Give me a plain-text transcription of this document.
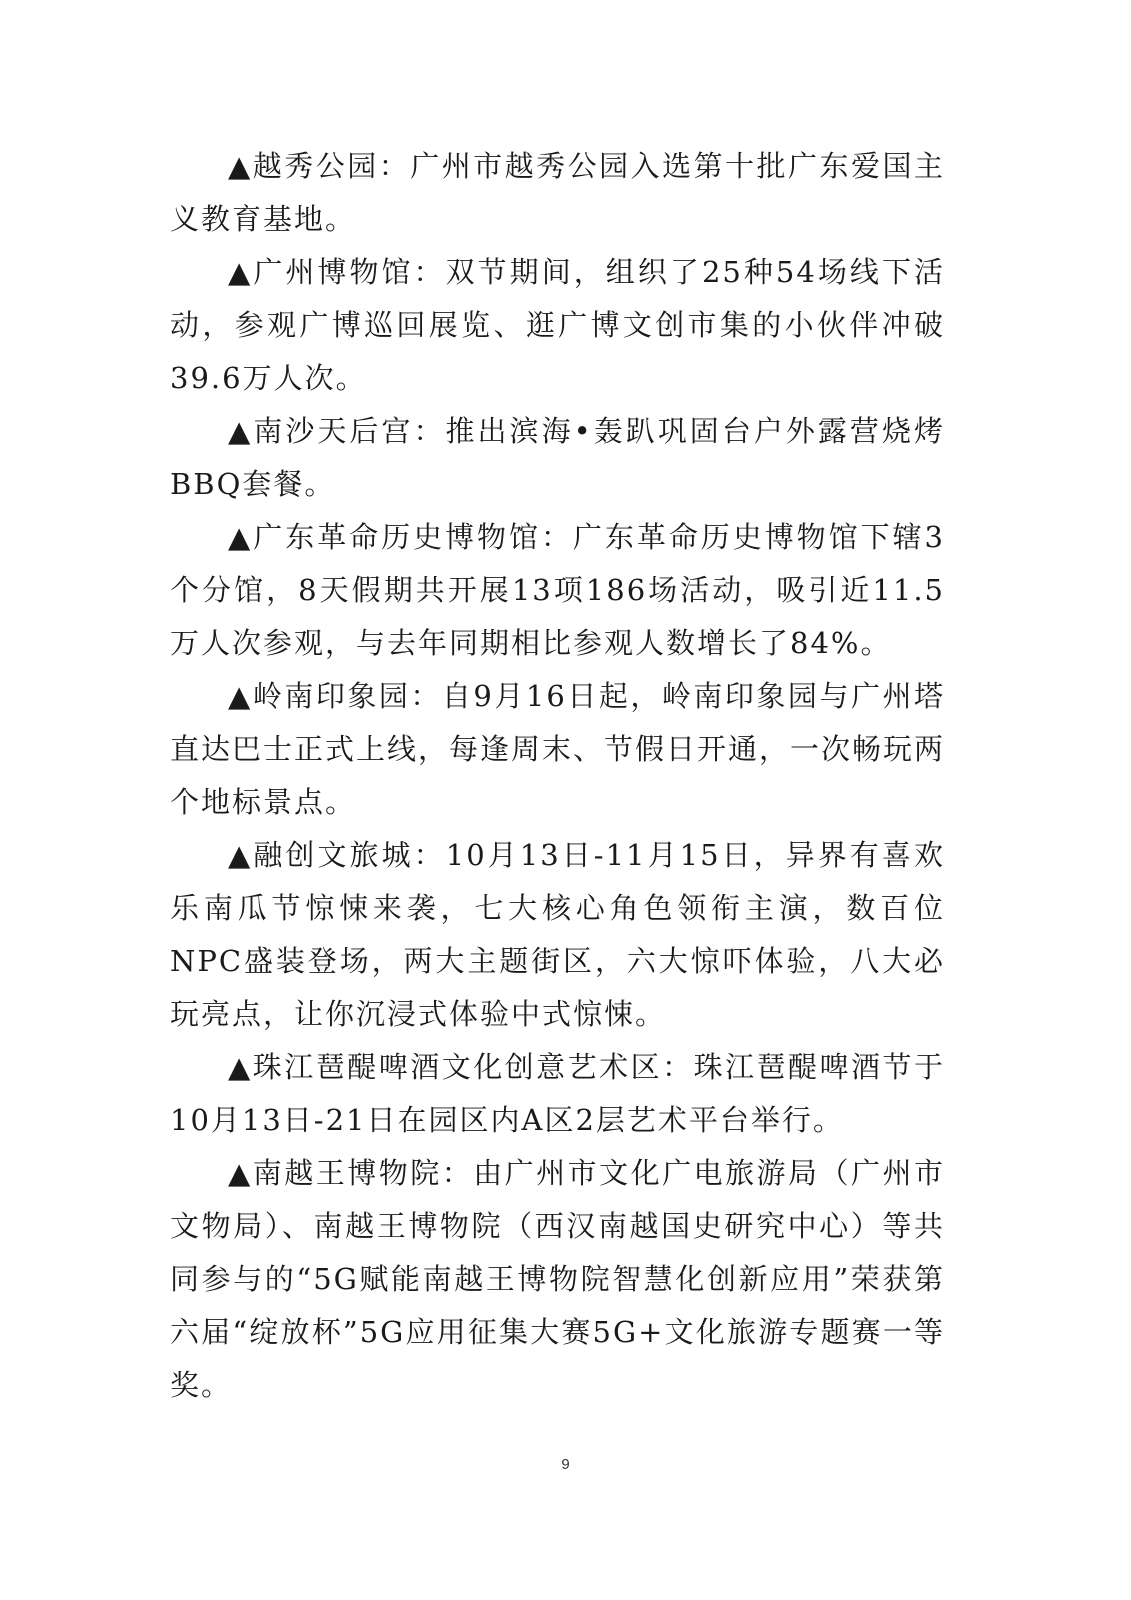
▲越秀公园：广州市越秀公园入选第十批广东爱国主义教育基地。

▲广州博物馆：双节期间，组织了25种54场线下活动，参观广博巡回展览、逛广博文创市集的小伙伴冲破39.6万人次。

▲南沙天后宫：推出滨海•轰趴巩固台户外露营烧烤BBQ套餐。

▲广东革命历史博物馆：广东革命历史博物馆下辖3个分馆，8天假期共开展13项186场活动，吸引近11.5万人次参观，与去年同期相比参观人数增长了84%。

▲岭南印象园：自9月16日起，岭南印象园与广州塔直达巴士正式上线，每逢周末、节假日开通，一次畅玩两个地标景点。

▲融创文旅城：10月13日-11月15日，异界有喜欢乐南瓜节惊悚来袭，七大核心角色领衔主演，数百位NPC盛装登场，两大主题街区，六大惊吓体验，八大必玩亮点，让你沉浸式体验中式惊悚。

▲珠江琶醍啤酒文化创意艺术区：珠江琶醍啤酒节于10月13日-21日在园区内A区2层艺术平台举行。

▲南越王博物院：由广州市文化广电旅游局（广州市文物局）、南越王博物院（西汉南越国史研究中心）等共同参与的“5G赋能南越王博物院智慧化创新应用”荣获第六届“绽放杯”5G应用征集大赛5G+文化旅游专题赛一等奖。

9
